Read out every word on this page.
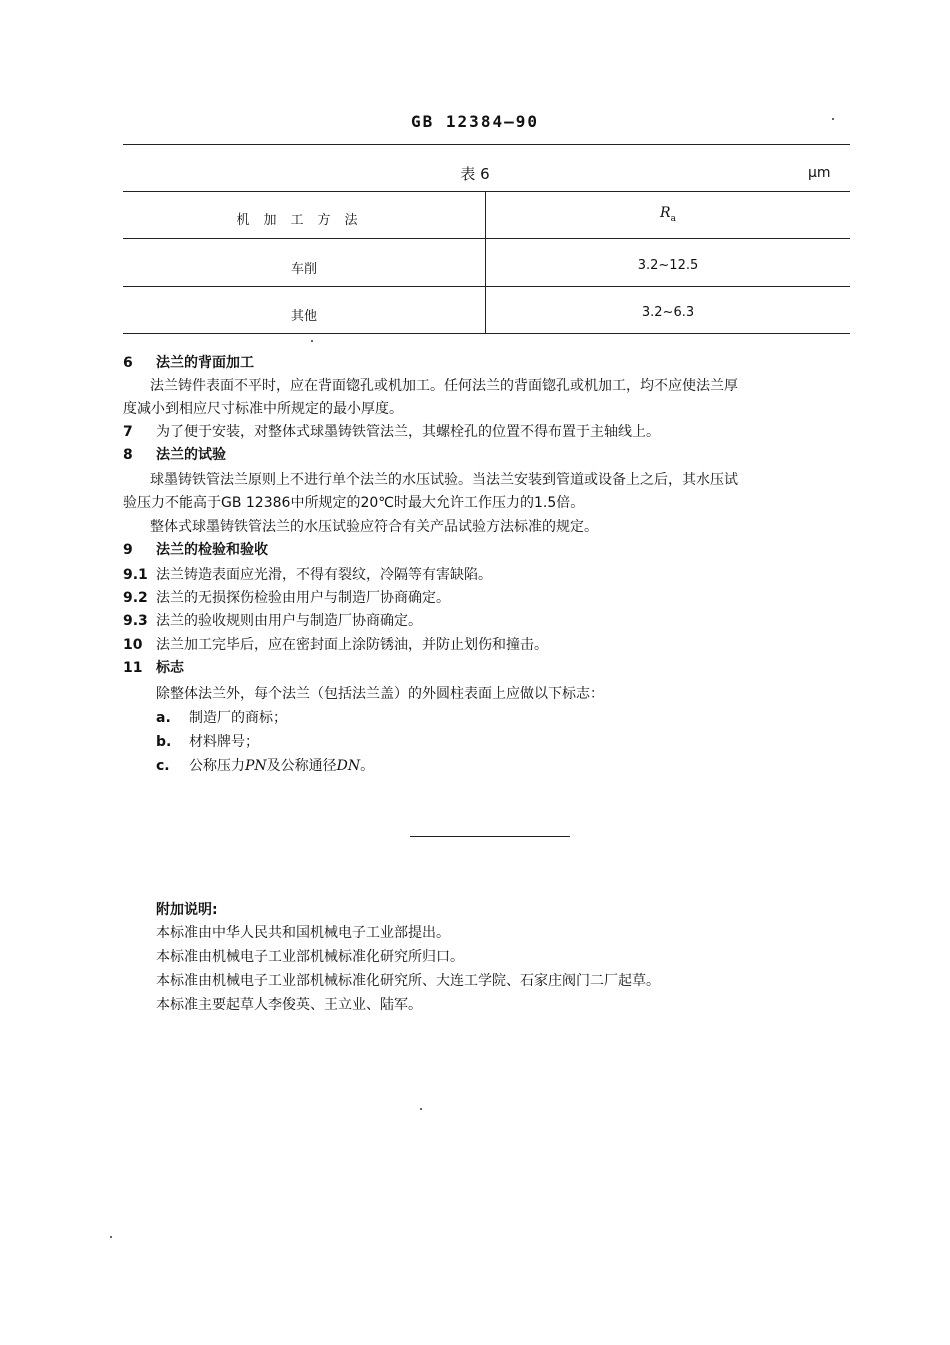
GB 12384—90
表 6	μm
机加工方法	$R_a$
车削	3.2~12.5
其他	3.2~6.3
6 法兰的背面加工
法兰铸件表面不平时，应在背面锪孔或机加工。任何法兰的背面锪孔或机加工，均不应使法兰厚
度减小到相应尺寸标准中所规定的最小厚度。
7 为了便于安装，对整体式球墨铸铁管法兰，其螺栓孔的位置不得布置于主轴线上。
8 法兰的试验
球墨铸铁管法兰原则上不进行单个法兰的水压试验。当法兰安装到管道或设备上之后，其水压试
验压力不能高于GB 12386中所规定的20℃时最大允许工作压力的1.5倍。
整体式球墨铸铁管法兰的水压试验应符合有关产品试验方法标准的规定。
9 法兰的检验和验收
9.1 法兰铸造表面应光滑，不得有裂纹，冷隔等有害缺陷。
9.2 法兰的无损探伤检验由用户与制造厂协商确定。
9.3 法兰的验收规则由用户与制造厂协商确定。
10 法兰加工完毕后，应在密封面上涂防锈油，并防止划伤和撞击。
11 标志
除整体法兰外，每个法兰（包括法兰盖）的外圆柱表面上应做以下标志：
a. 制造厂的商标；
b. 材料牌号；
c. 公称压力PN及公称通径DN。
附加说明:
本标准由中华人民共和国机械电子工业部提出。
本标准由机械电子工业部机械标准化研究所归口。
本标准由机械电子工业部机械标准化研究所、大连工学院、石家庄阀门二厂起草。
本标准主要起草人李俊英、王立业、陆军。
